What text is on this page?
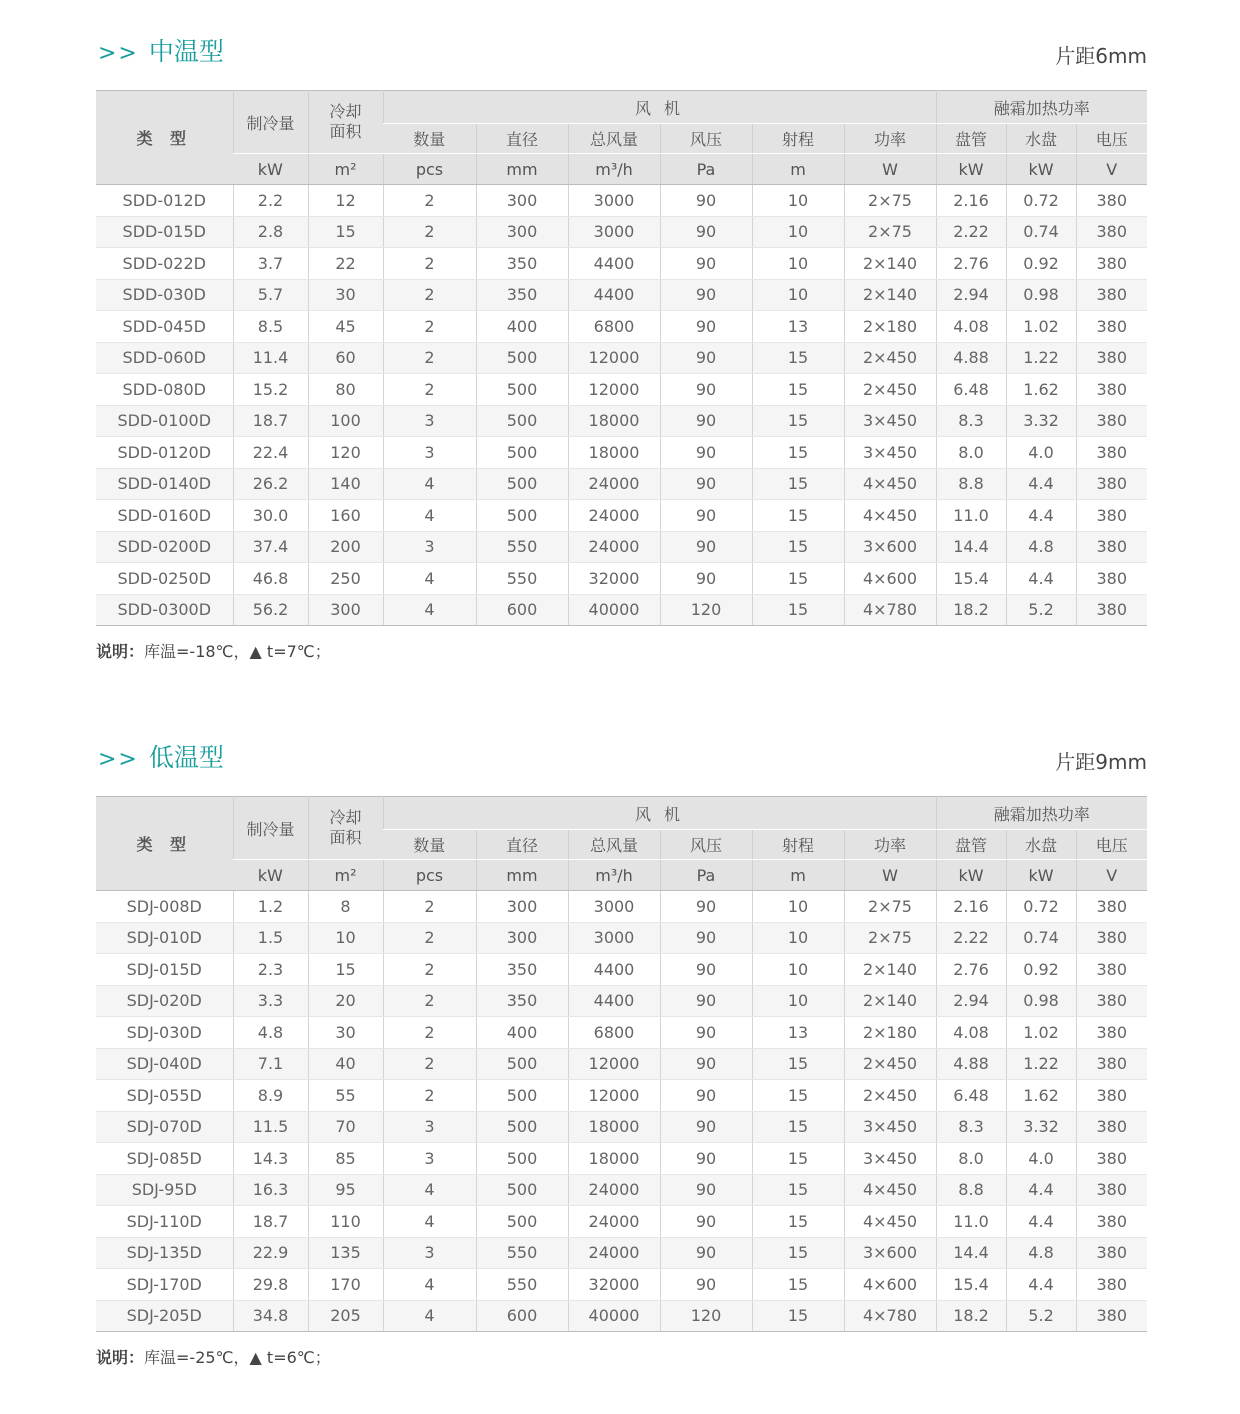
>> 中温型	片距6mm
类 型	制冷量	冷却面积	风 机						融霜加热功率		
			数量	直径	总风量	风压	射程	功率	盘管	水盘	电压
	kW	m²	pcs	mm	m³/h	Pa	m	W	kW	kW	V
SDD-012D	2.2	12	2	300	3000	90	10	2×75	2.16	0.72	380
SDD-015D	2.8	15	2	300	3000	90	10	2×75	2.22	0.74	380
SDD-022D	3.7	22	2	350	4400	90	10	2×140	2.76	0.92	380
SDD-030D	5.7	30	2	350	4400	90	10	2×140	2.94	0.98	380
SDD-045D	8.5	45	2	400	6800	90	13	2×180	4.08	1.02	380
SDD-060D	11.4	60	2	500	12000	90	15	2×450	4.88	1.22	380
SDD-080D	15.2	80	2	500	12000	90	15	2×450	6.48	1.62	380
SDD-0100D	18.7	100	3	500	18000	90	15	3×450	8.3	3.32	380
SDD-0120D	22.4	120	3	500	18000	90	15	3×450	8.0	4.0	380
SDD-0140D	26.2	140	4	500	24000	90	15	4×450	8.8	4.4	380
SDD-0160D	30.0	160	4	500	24000	90	15	4×450	11.0	4.4	380
SDD-0200D	37.4	200	3	550	24000	90	15	3×600	14.4	4.8	380
SDD-0250D	46.8	250	4	550	32000	90	15	4×600	15.4	4.4	380
SDD-0300D	56.2	300	4	600	40000	120	15	4×780	18.2	5.2	380
说明：库温=-18℃，▲ t=7℃；
>> 低温型	片距9mm
类 型	制冷量	冷却面积	风 机						融霜加热功率		
			数量	直径	总风量	风压	射程	功率	盘管	水盘	电压
	kW	m²	pcs	mm	m³/h	Pa	m	W	kW	kW	V
SDJ-008D	1.2	8	2	300	3000	90	10	2×75	2.16	0.72	380
SDJ-010D	1.5	10	2	300	3000	90	10	2×75	2.22	0.74	380
SDJ-015D	2.3	15	2	350	4400	90	10	2×140	2.76	0.92	380
SDJ-020D	3.3	20	2	350	4400	90	10	2×140	2.94	0.98	380
SDJ-030D	4.8	30	2	400	6800	90	13	2×180	4.08	1.02	380
SDJ-040D	7.1	40	2	500	12000	90	15	2×450	4.88	1.22	380
SDJ-055D	8.9	55	2	500	12000	90	15	2×450	6.48	1.62	380
SDJ-070D	11.5	70	3	500	18000	90	15	3×450	8.3	3.32	380
SDJ-085D	14.3	85	3	500	18000	90	15	3×450	8.0	4.0	380
SDJ-95D	16.3	95	4	500	24000	90	15	4×450	8.8	4.4	380
SDJ-110D	18.7	110	4	500	24000	90	15	4×450	11.0	4.4	380
SDJ-135D	22.9	135	3	550	24000	90	15	3×600	14.4	4.8	380
SDJ-170D	29.8	170	4	550	32000	90	15	4×600	15.4	4.4	380
SDJ-205D	34.8	205	4	600	40000	120	15	4×780	18.2	5.2	380
说明：库温=-25℃，▲ t=6℃；
